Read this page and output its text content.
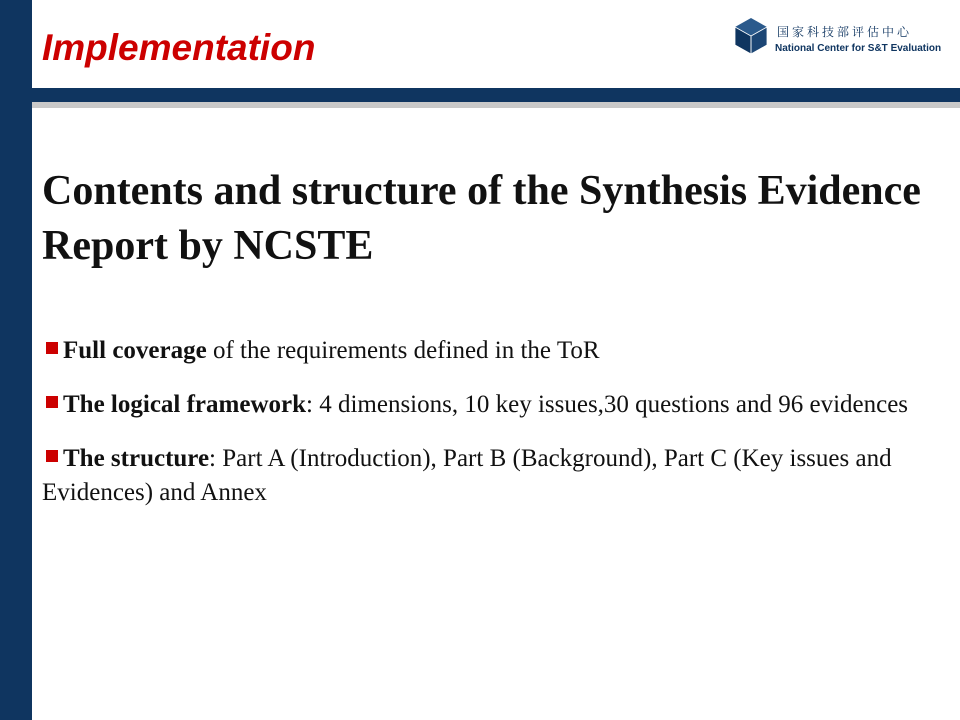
Implementation	国家科技部评估中心
National Center for S&T Evaluation
Contents and structure of the Synthesis Evidence Report by NCSTE
Full coverage of the requirements defined in the ToR
The logical framework: 4 dimensions, 10 key issues,30 questions and 96 evidences
The structure: Part A (Introduction), Part B (Background), Part C (Key issues and Evidences) and Annex
